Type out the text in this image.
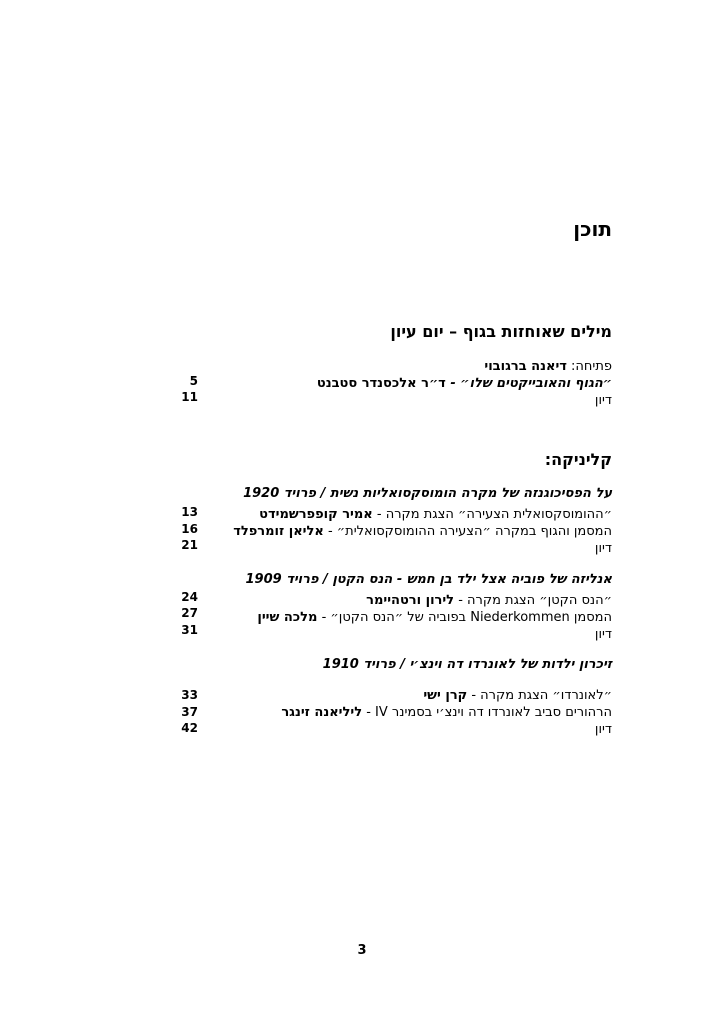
תוכן
מילים שאוחזות בגוף – יום עיון
פתיחה: דיאנה ברגובוי
״הגוף והאובייקטים שלו״ - ד״ר אלכסנדר סטבנט
5
דיון
11
קליניקה:
על הפסיכוגנזה של מקרה הומוסקסואליות נשית / פרויד 1920
״ההומוסקסואלית הצעירה״ הצגת מקרה - אמיר קופפרשמידט
13
המסמן והגוף במקרה ״הצעירה ההומוסקסואלית״ - אליאן זומרפלד
16
דיון
21
אנליזה של פוביה אצל ילד בן חמש - הנס הקטן / פרויד 1909
״הנס הקטן״ הצגת מקרה - לירון ורטהיימר
24
המסמן Niederkommen בפוביה של ״הנס הקטן״ - מלכה שיין
27
דיון
31
זיכרון ילדות של לאונרדו דה וינצ׳י / פרויד 1910
״לאונרדו״ הצגת מקרה - קרן ישי
33
הרהורים סביב לאונרדו דה וינצ׳י בסמינר IV - ליליאנה זינגר
37
דיון
42
3
